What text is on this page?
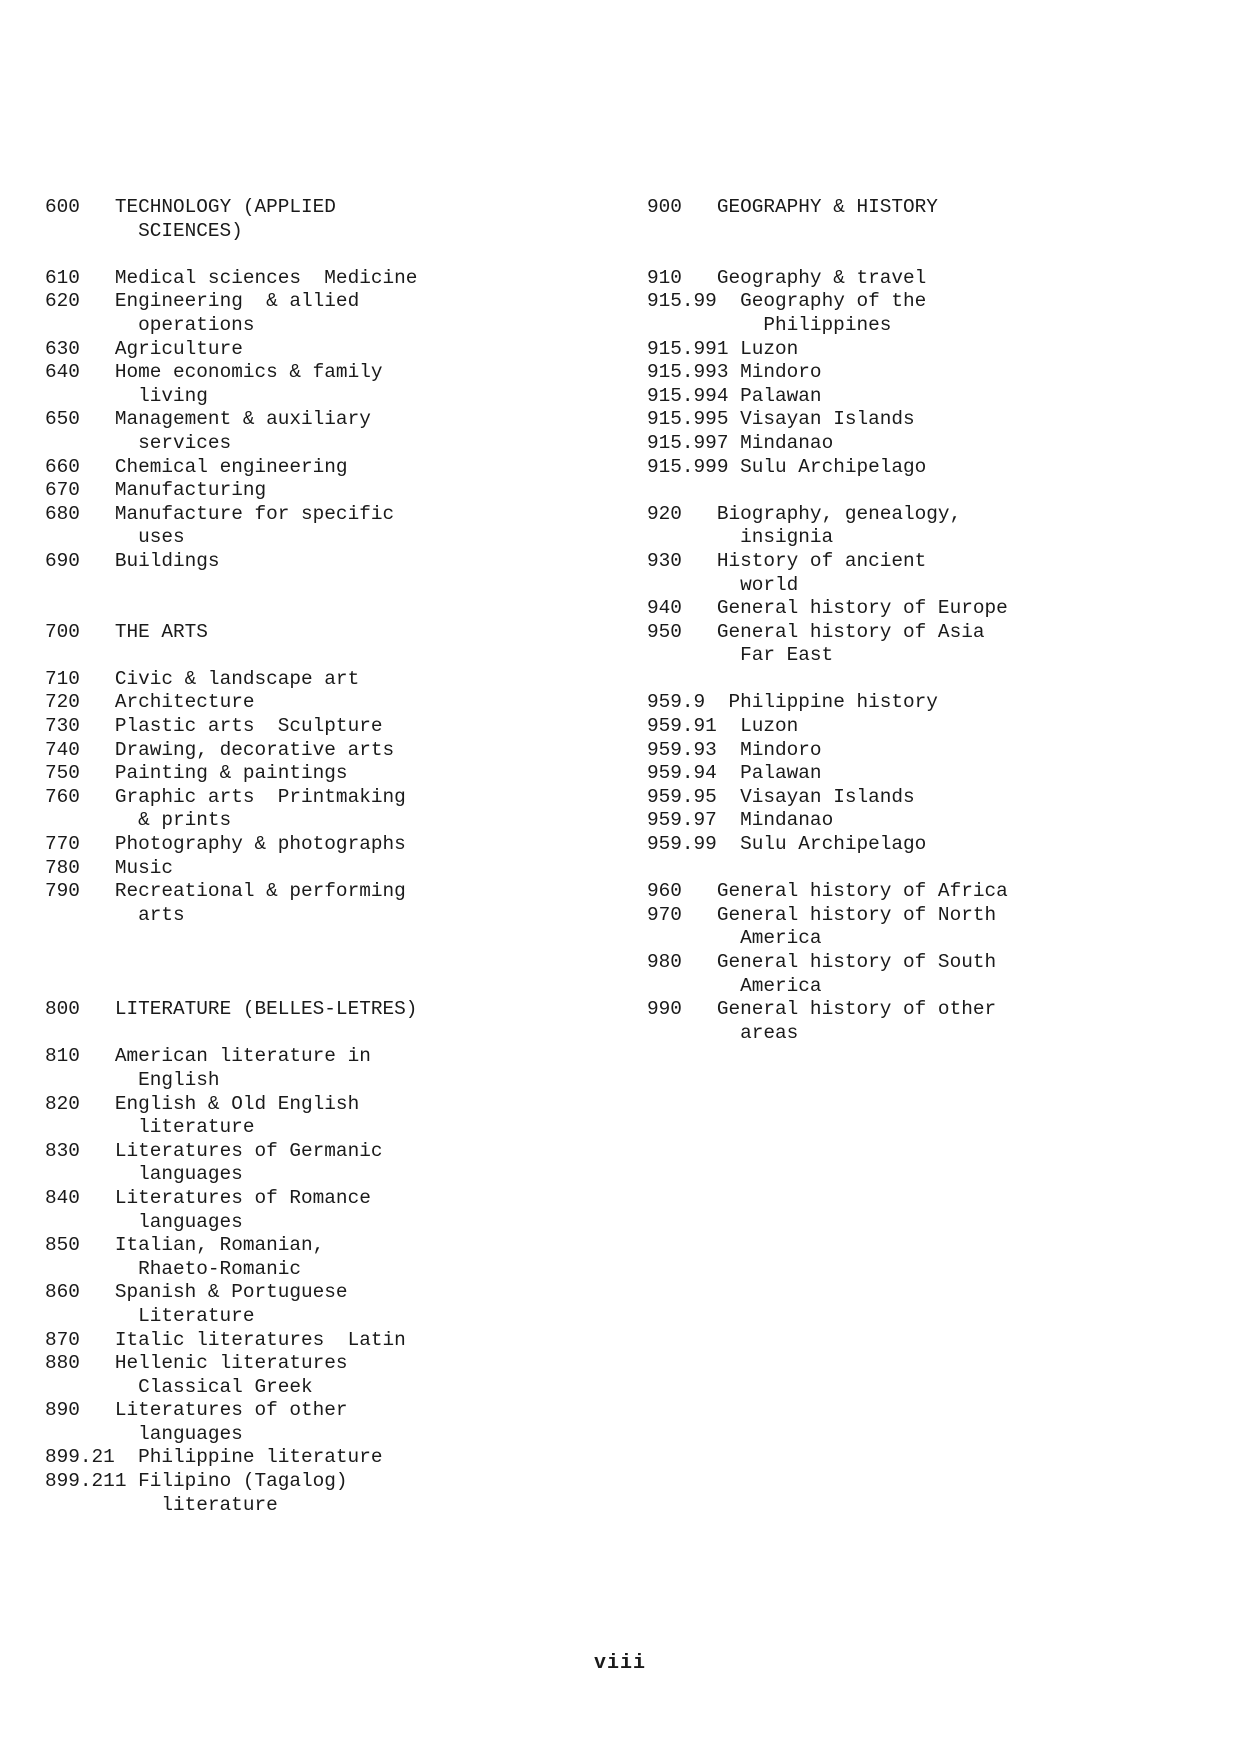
600 TECHNOLOGY (APPLIED
SCIENCES)

610 Medical sciences  Medicine
620 Engineering  & allied
operations
630 Agriculture
640 Home economics & family
living
650 Management & auxiliary
services
660 Chemical engineering
670 Manufacturing
680 Manufacture for specific
uses
690 Buildings

700 THE ARTS

710 Civic & landscape art
720 Architecture
730 Plastic arts  Sculpture
740 Drawing, decorative arts
750 Painting & paintings
760 Graphic arts  Printmaking
& prints
770 Photography & photographs
780 Music
790 Recreational & performing
arts

800 LITERATURE (BELLES-LETRES)

810 American literature in
English
820 English & Old English
literature
830 Literatures of Germanic
languages
840 Literatures of Romance
languages
850 Italian, Romanian,
Rhaeto-Romanic
860 Spanish & Portuguese
Literature
870 Italic literatures  Latin
880 Hellenic literatures
Classical Greek
890 Literatures of other
languages
899.21 Philippine literature
899.211 Filipino (Tagalog)
literature
900 GEOGRAPHY & HISTORY

910 Geography & travel
915.99 Geography of the
Philippines
915.991 Luzon
915.993 Mindoro
915.994 Palawan
915.995 Visayan Islands
915.997 Mindanao
915.999 Sulu Archipelago

920 Biography, genealogy,
insignia
930 History of ancient
world
940 General history of Europe
950 General history of Asia
Far East

959.9 Philippine history
959.91 Luzon
959.93 Mindoro
959.94 Palawan
959.95 Visayan Islands
959.97 Mindanao
959.99 Sulu Archipelago

960 General history of Africa
970 General history of North
America
980 General history of South
America
990 General history of other
areas
viii
